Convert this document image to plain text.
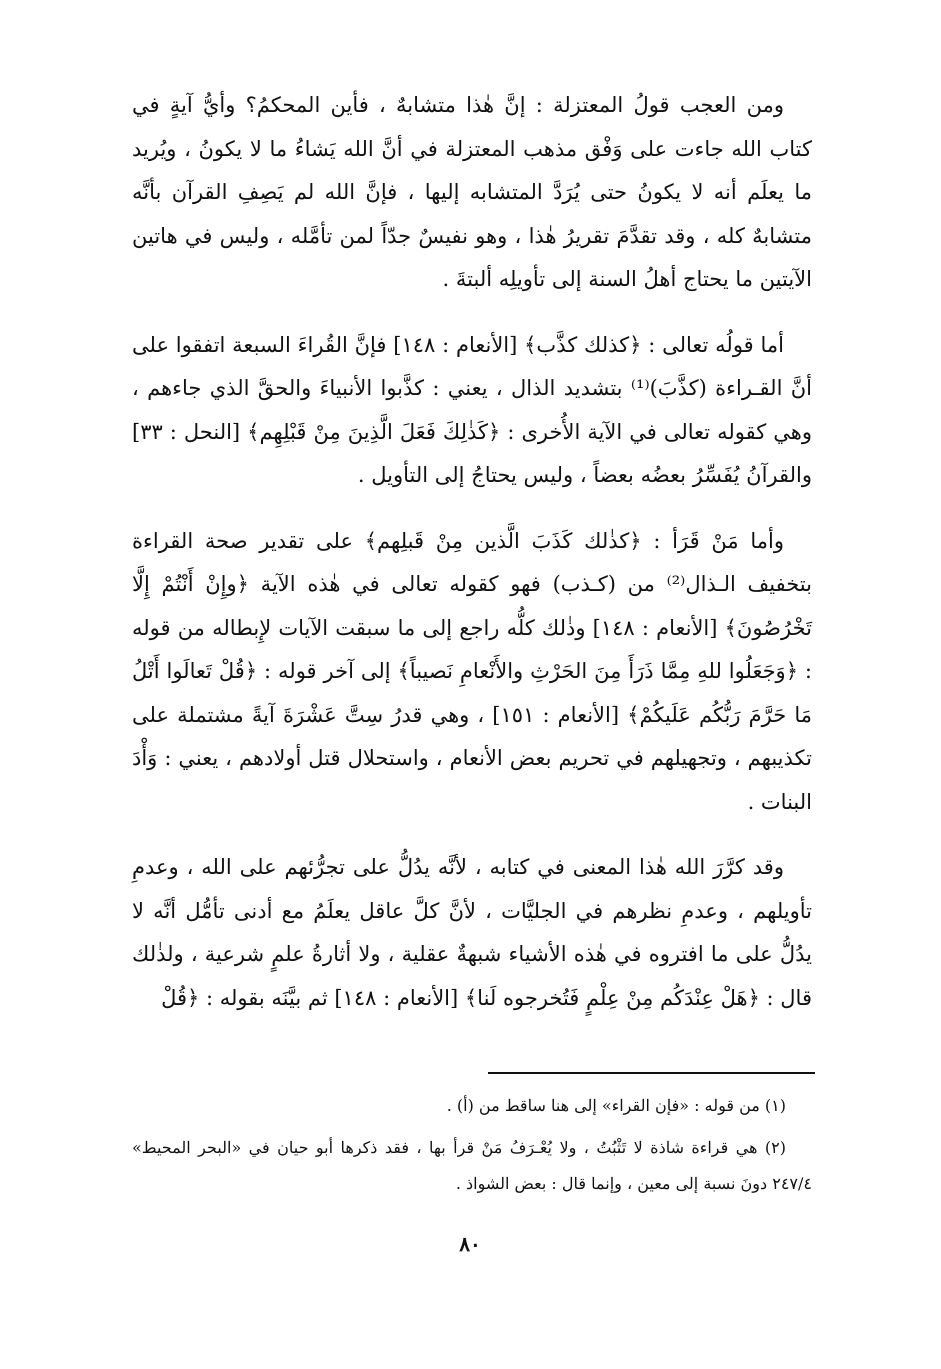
ومن العجب قولُ المعتزلة : إنَّ هٰذا متشابهٌ ، فأين المحكمُ؟ وأيُّ آيةٍ في كتاب الله جاءت على وَفْق مذهب المعتزلة في أنَّ الله يَشاءُ ما لا يكونُ ، ويُريد ما يعلَم أنه لا يكونُ حتى يُرَدَّ المتشابه إليها ، فإنَّ الله لم يَصِفِ القرآن بأنَّه متشابهٌ كله ، وقد تقدَّمَ تقريرُ هٰذا ، وهو نفيسٌ جدّاً لمن تأمَّله ، وليس في هاتين الآيتين ما يحتاج أهلُ السنة إلى تأويلِه ألبتةَ .

أما قولُه تعالى : ﴿كذلك كذَّب﴾ [الأنعام : ١٤٨] فإنَّ القُراءَ السبعة اتفقوا على أنَّ القـراءة (كذَّبَ)⁽¹⁾ بتشديد الذال ، يعني : كذَّبوا الأنبياءَ والحقَّ الذي جاءهم ، وهي كقوله تعالى في الآية الأُخرى : ﴿كَذٰلِكَ فَعَلَ الَّذِينَ مِنْ قَبْلِهِم﴾ [النحل : ٣٣] والقرآنُ يُفَسِّرُ بعضُه بعضاً ، وليس يحتاجُ إلى التأويل .

وأما مَنْ قَرَأ : ﴿كذٰلك كَذَبَ الَّذين مِنْ قَبلِهم﴾ على تقدير صحة القراءة بتخفيف الـذال⁽²⁾ من (كـذب) فهو كقوله تعالى في هٰذه الآية ﴿وإِنْ أَنْتُمْ إِلَّا تَخْرُصُونَ﴾ [الأنعام : ١٤٨] وذٰلك كلُّه راجع إلى ما سبقت الآيات لإِبطاله من قوله : ﴿وَجَعَلُوا للهِ مِمَّا ذَرَأَ مِنَ الحَرْثِ والأَنْعامِ نَصيباً﴾ إلى آخر قوله : ﴿قُلْ تَعالَوا أَتْلُ مَا حَرَّمَ رَبُّكُم عَلَيكُمْ﴾ [الأنعام : ١٥١] ، وهي قدرُ سِتَّ عَشْرَةَ آيةً مشتملة على تكذيبهم ، وتجهيلهم في تحريم بعض الأنعام ، واستحلال قتل أولادهم ، يعني : وَأْدَ البنات .

وقد كرَّرَ الله هٰذا المعنى في كتابه ، لأنَّه يدُلُّ على تجرُّئهم على الله ، وعدمِ تأويلهم ، وعدمِ نظرهم في الجليَّات ، لأنَّ كلَّ عاقل يعلَمُ مع أدنى تأمُّل أنَّه لا يدُلُّ على ما افتروه في هٰذه الأشياء شبهةٌ عقلية ، ولا أثارةُ علمٍ شرعية ، ولذٰلك قال : ﴿هَلْ عِنْدَكُم مِنْ عِلْمٍ فَتُخرجوه لَنا﴾ [الأنعام : ١٤٨] ثم بيَّنَه بقوله : ﴿قُلْ

(١) من قوله : «فإن القراء» إلى هنا ساقط من (أ) .

(٢) هي قراءة شاذة لا تَثْبُتُ ، ولا يُعْـرَفُ مَنْ قرأ بها ، فقد ذكرها أبو حيان في «البحر المحيط» ٢٤٧/٤ دونَ نسبة إلى معين ، وإنما قال : بعض الشواذ .

٨٠
